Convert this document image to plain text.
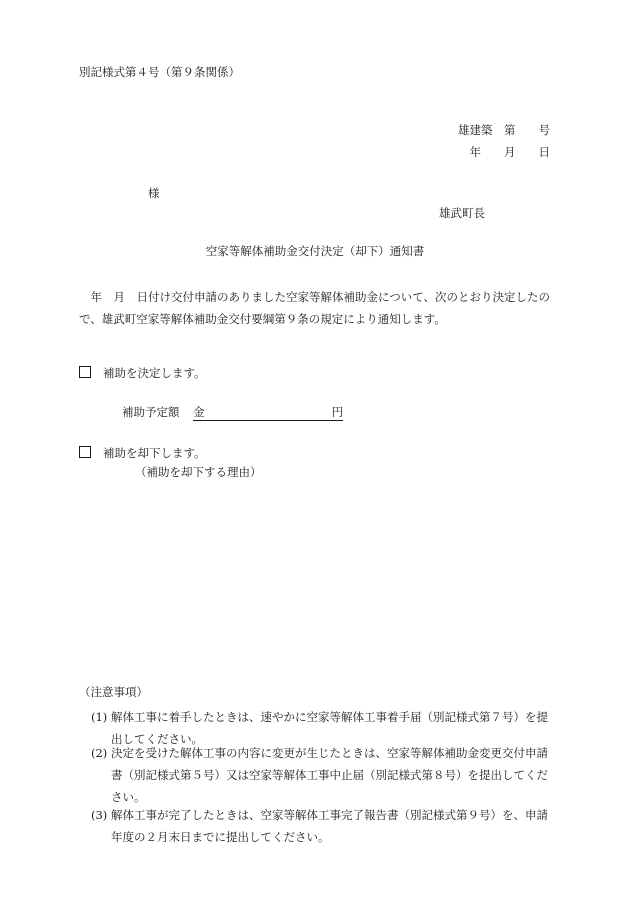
別記様式第４号（第９条関係）
雄建築　第　　号
年　　月　　日
様
雄武町長
空家等解体補助金交付決定（却下）通知書
年　月　日付け交付申請のありました空家等解体補助金について、次のとおり決定したので、雄武町空家等解体補助金交付要綱第９条の規定により通知します。
補助を決定します。
補助予定額 金	円
補助を却下します。
（補助を却下する理由）
（注意事項）
(1) 解体工事に着手したときは、速やかに空家等解体工事着手届（別記様式第７号）を提出してください。
(2) 決定を受けた解体工事の内容に変更が生じたときは、空家等解体補助金変更交付申請書（別記様式第５号）又は空家等解体工事中止届（別記様式第８号）を提出してください。
(3) 解体工事が完了したときは、空家等解体工事完了報告書（別記様式第９号）を、申請年度の２月末日までに提出してください。
